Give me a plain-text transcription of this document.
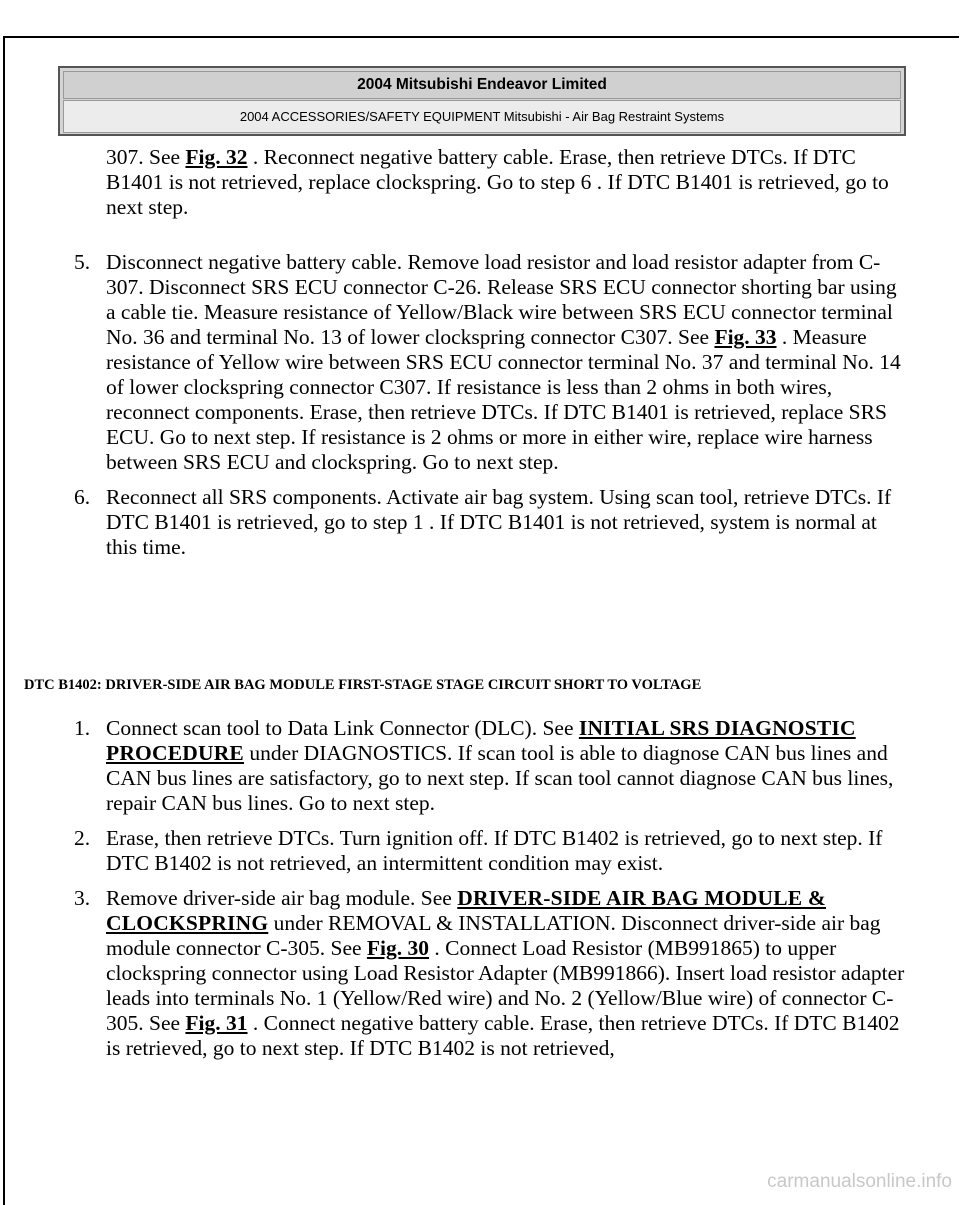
2004 Mitsubishi Endeavor Limited
2004 ACCESSORIES/SAFETY EQUIPMENT Mitsubishi - Air Bag Restraint Systems
307. See Fig. 32 . Reconnect negative battery cable. Erase, then retrieve DTCs. If DTC B1401 is not retrieved, replace clockspring. Go to step 6 . If DTC B1401 is retrieved, go to next step.
5. Disconnect negative battery cable. Remove load resistor and load resistor adapter from C-307. Disconnect SRS ECU connector C-26. Release SRS ECU connector shorting bar using a cable tie. Measure resistance of Yellow/Black wire between SRS ECU connector terminal No. 36 and terminal No. 13 of lower clockspring connector C307. See Fig. 33 . Measure resistance of Yellow wire between SRS ECU connector terminal No. 37 and terminal No. 14 of lower clockspring connector C307. If resistance is less than 2 ohms in both wires, reconnect components. Erase, then retrieve DTCs. If DTC B1401 is retrieved, replace SRS ECU. Go to next step. If resistance is 2 ohms or more in either wire, replace wire harness between SRS ECU and clockspring. Go to next step.
6. Reconnect all SRS components. Activate air bag system. Using scan tool, retrieve DTCs. If DTC B1401 is retrieved, go to step 1 . If DTC B1401 is not retrieved, system is normal at this time.
DTC B1402: DRIVER-SIDE AIR BAG MODULE FIRST-STAGE STAGE CIRCUIT SHORT TO VOLTAGE
1. Connect scan tool to Data Link Connector (DLC). See INITIAL SRS DIAGNOSTIC PROCEDURE under DIAGNOSTICS. If scan tool is able to diagnose CAN bus lines and CAN bus lines are satisfactory, go to next step. If scan tool cannot diagnose CAN bus lines, repair CAN bus lines. Go to next step.
2. Erase, then retrieve DTCs. Turn ignition off. If DTC B1402 is retrieved, go to next step. If DTC B1402 is not retrieved, an intermittent condition may exist.
3. Remove driver-side air bag module. See DRIVER-SIDE AIR BAG MODULE & CLOCKSPRING under REMOVAL & INSTALLATION. Disconnect driver-side air bag module connector C-305. See Fig. 30 . Connect Load Resistor (MB991865) to upper clockspring connector using Load Resistor Adapter (MB991866). Insert load resistor adapter leads into terminals No. 1 (Yellow/Red wire) and No. 2 (Yellow/Blue wire) of connector C-305. See Fig. 31 . Connect negative battery cable. Erase, then retrieve DTCs. If DTC B1402 is retrieved, go to next step. If DTC B1402 is not retrieved,
carmanualsonline.info
